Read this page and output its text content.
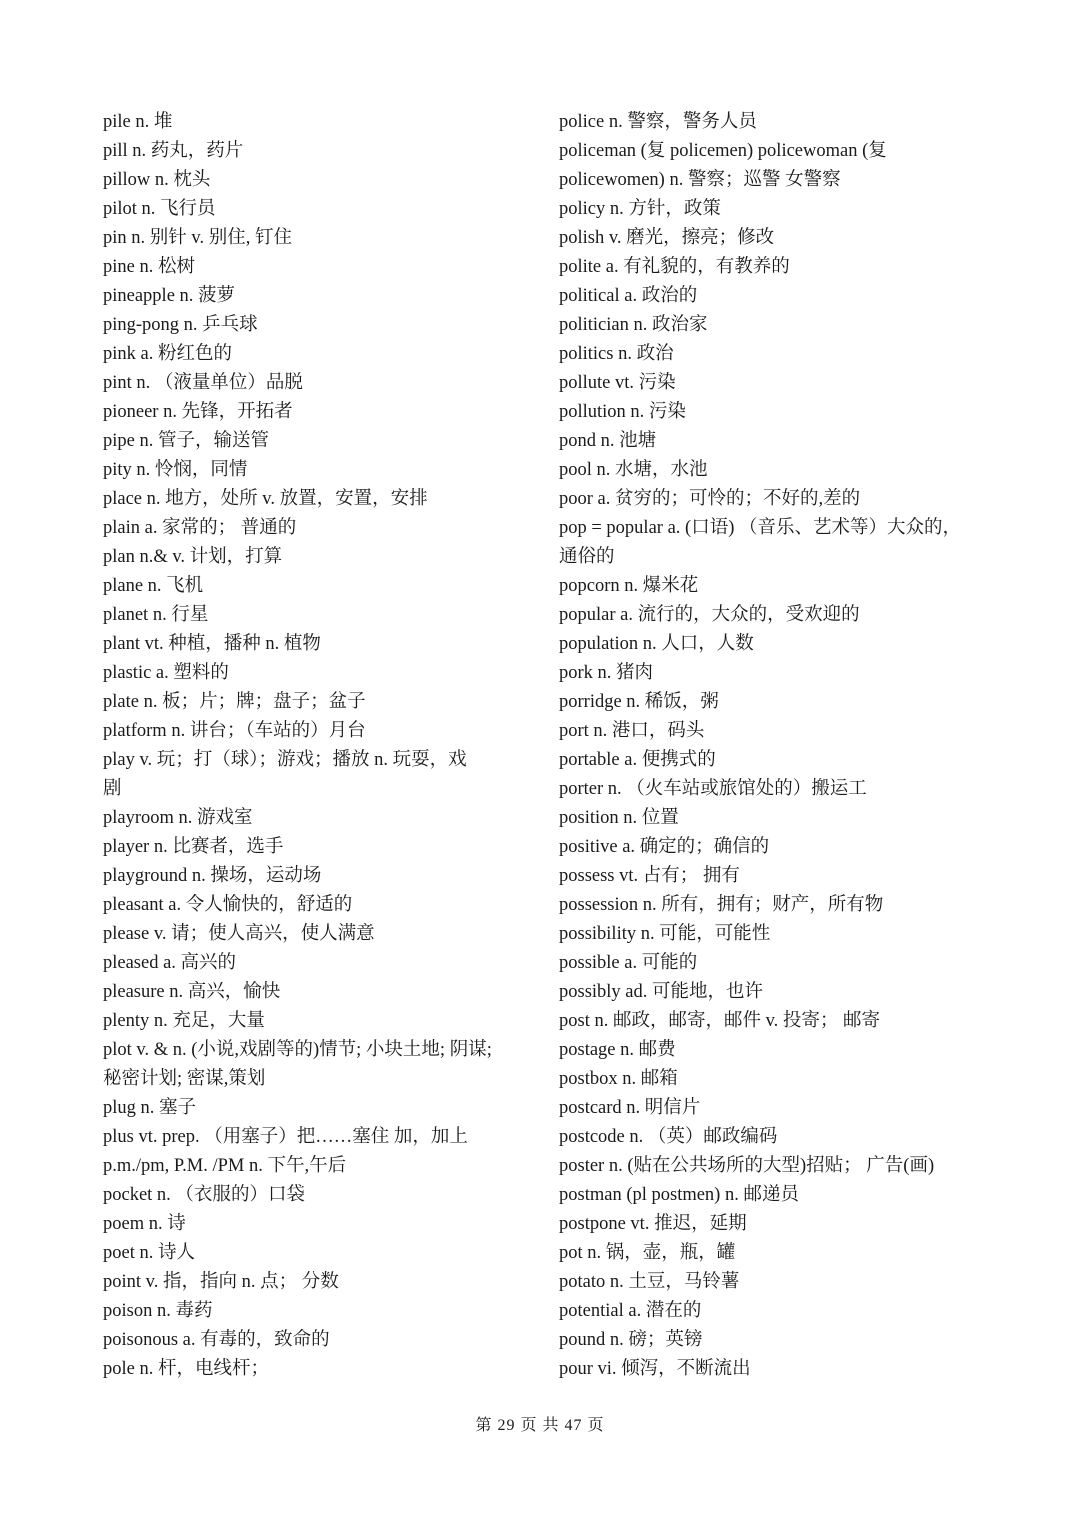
pile n. 堆
pill n. 药丸，药片
pillow n. 枕头
pilot n. 飞行员
pin n. 别针 v. 别住, 钉住
pine n. 松树
pineapple n. 菠萝
ping-pong n. 乒乓球
pink a. 粉红色的
pint n. （液量单位）品脱
pioneer n. 先锋，开拓者
pipe n. 管子，输送管
pity n. 怜悯，同情
place n. 地方，处所 v. 放置，安置，安排
plain a. 家常的； 普通的
plan n.& v. 计划，打算
plane n. 飞机
planet n. 行星
plant vt. 种植，播种 n. 植物
plastic a. 塑料的
plate n. 板；片；牌；盘子；盆子
platform n. 讲台；（车站的）月台
play v. 玩；打（球）；游戏；播放 n. 玩耍，戏
剧
playroom n. 游戏室
player n. 比赛者，选手
playground n. 操场，运动场
pleasant a. 令人愉快的，舒适的
please v. 请；使人高兴，使人满意
pleased a. 高兴的
pleasure n. 高兴，愉快
plenty n. 充足，大量
plot v. & n. (小说,戏剧等的)情节; 小块土地; 阴谋;
秘密计划; 密谋,策划
plug n. 塞子
plus vt. prep. （用塞子）把……塞住 加，加上
p.m./pm, P.M. /PM n. 下午,午后
pocket n. （衣服的）口袋
poem n. 诗
poet n. 诗人
point v. 指，指向 n. 点； 分数
poison n. 毒药
poisonous a. 有毒的，致命的
pole n. 杆，电线杆；
police n. 警察，警务人员
policeman (复 policemen) policewoman (复
policewomen) n. 警察；巡警 女警察
policy n. 方针，政策
polish v. 磨光，擦亮；修改
polite a. 有礼貌的，有教养的
political a. 政治的
politician n. 政治家
politics n. 政治
pollute vt. 污染
pollution n. 污染
pond n. 池塘
pool n. 水塘，水池
poor a. 贫穷的；可怜的；不好的,差的
pop = popular a. (口语) （音乐、艺术等）大众的，
通俗的
popcorn n. 爆米花
popular a. 流行的，大众的，受欢迎的
population n. 人口，人数
pork n. 猪肉
porridge n. 稀饭，粥
port n. 港口，码头
portable a. 便携式的
porter n. （火车站或旅馆处的）搬运工
position n. 位置
positive a. 确定的；确信的
possess vt. 占有； 拥有
possession n. 所有，拥有；财产，所有物
possibility n. 可能，可能性
possible a. 可能的
possibly ad. 可能地，也许
post n. 邮政，邮寄，邮件 v. 投寄； 邮寄
postage n. 邮费
postbox n. 邮箱
postcard n. 明信片
postcode n. （英）邮政编码
poster n. (贴在公共场所的大型)招贴； 广告(画)
postman (pl postmen) n. 邮递员
postpone vt. 推迟，延期
pot n. 锅，壶，瓶，罐
potato n. 土豆，马铃薯
potential a. 潜在的
pound n. 磅；英镑
pour vi. 倾泻，不断流出
第 29 页 共 47 页
